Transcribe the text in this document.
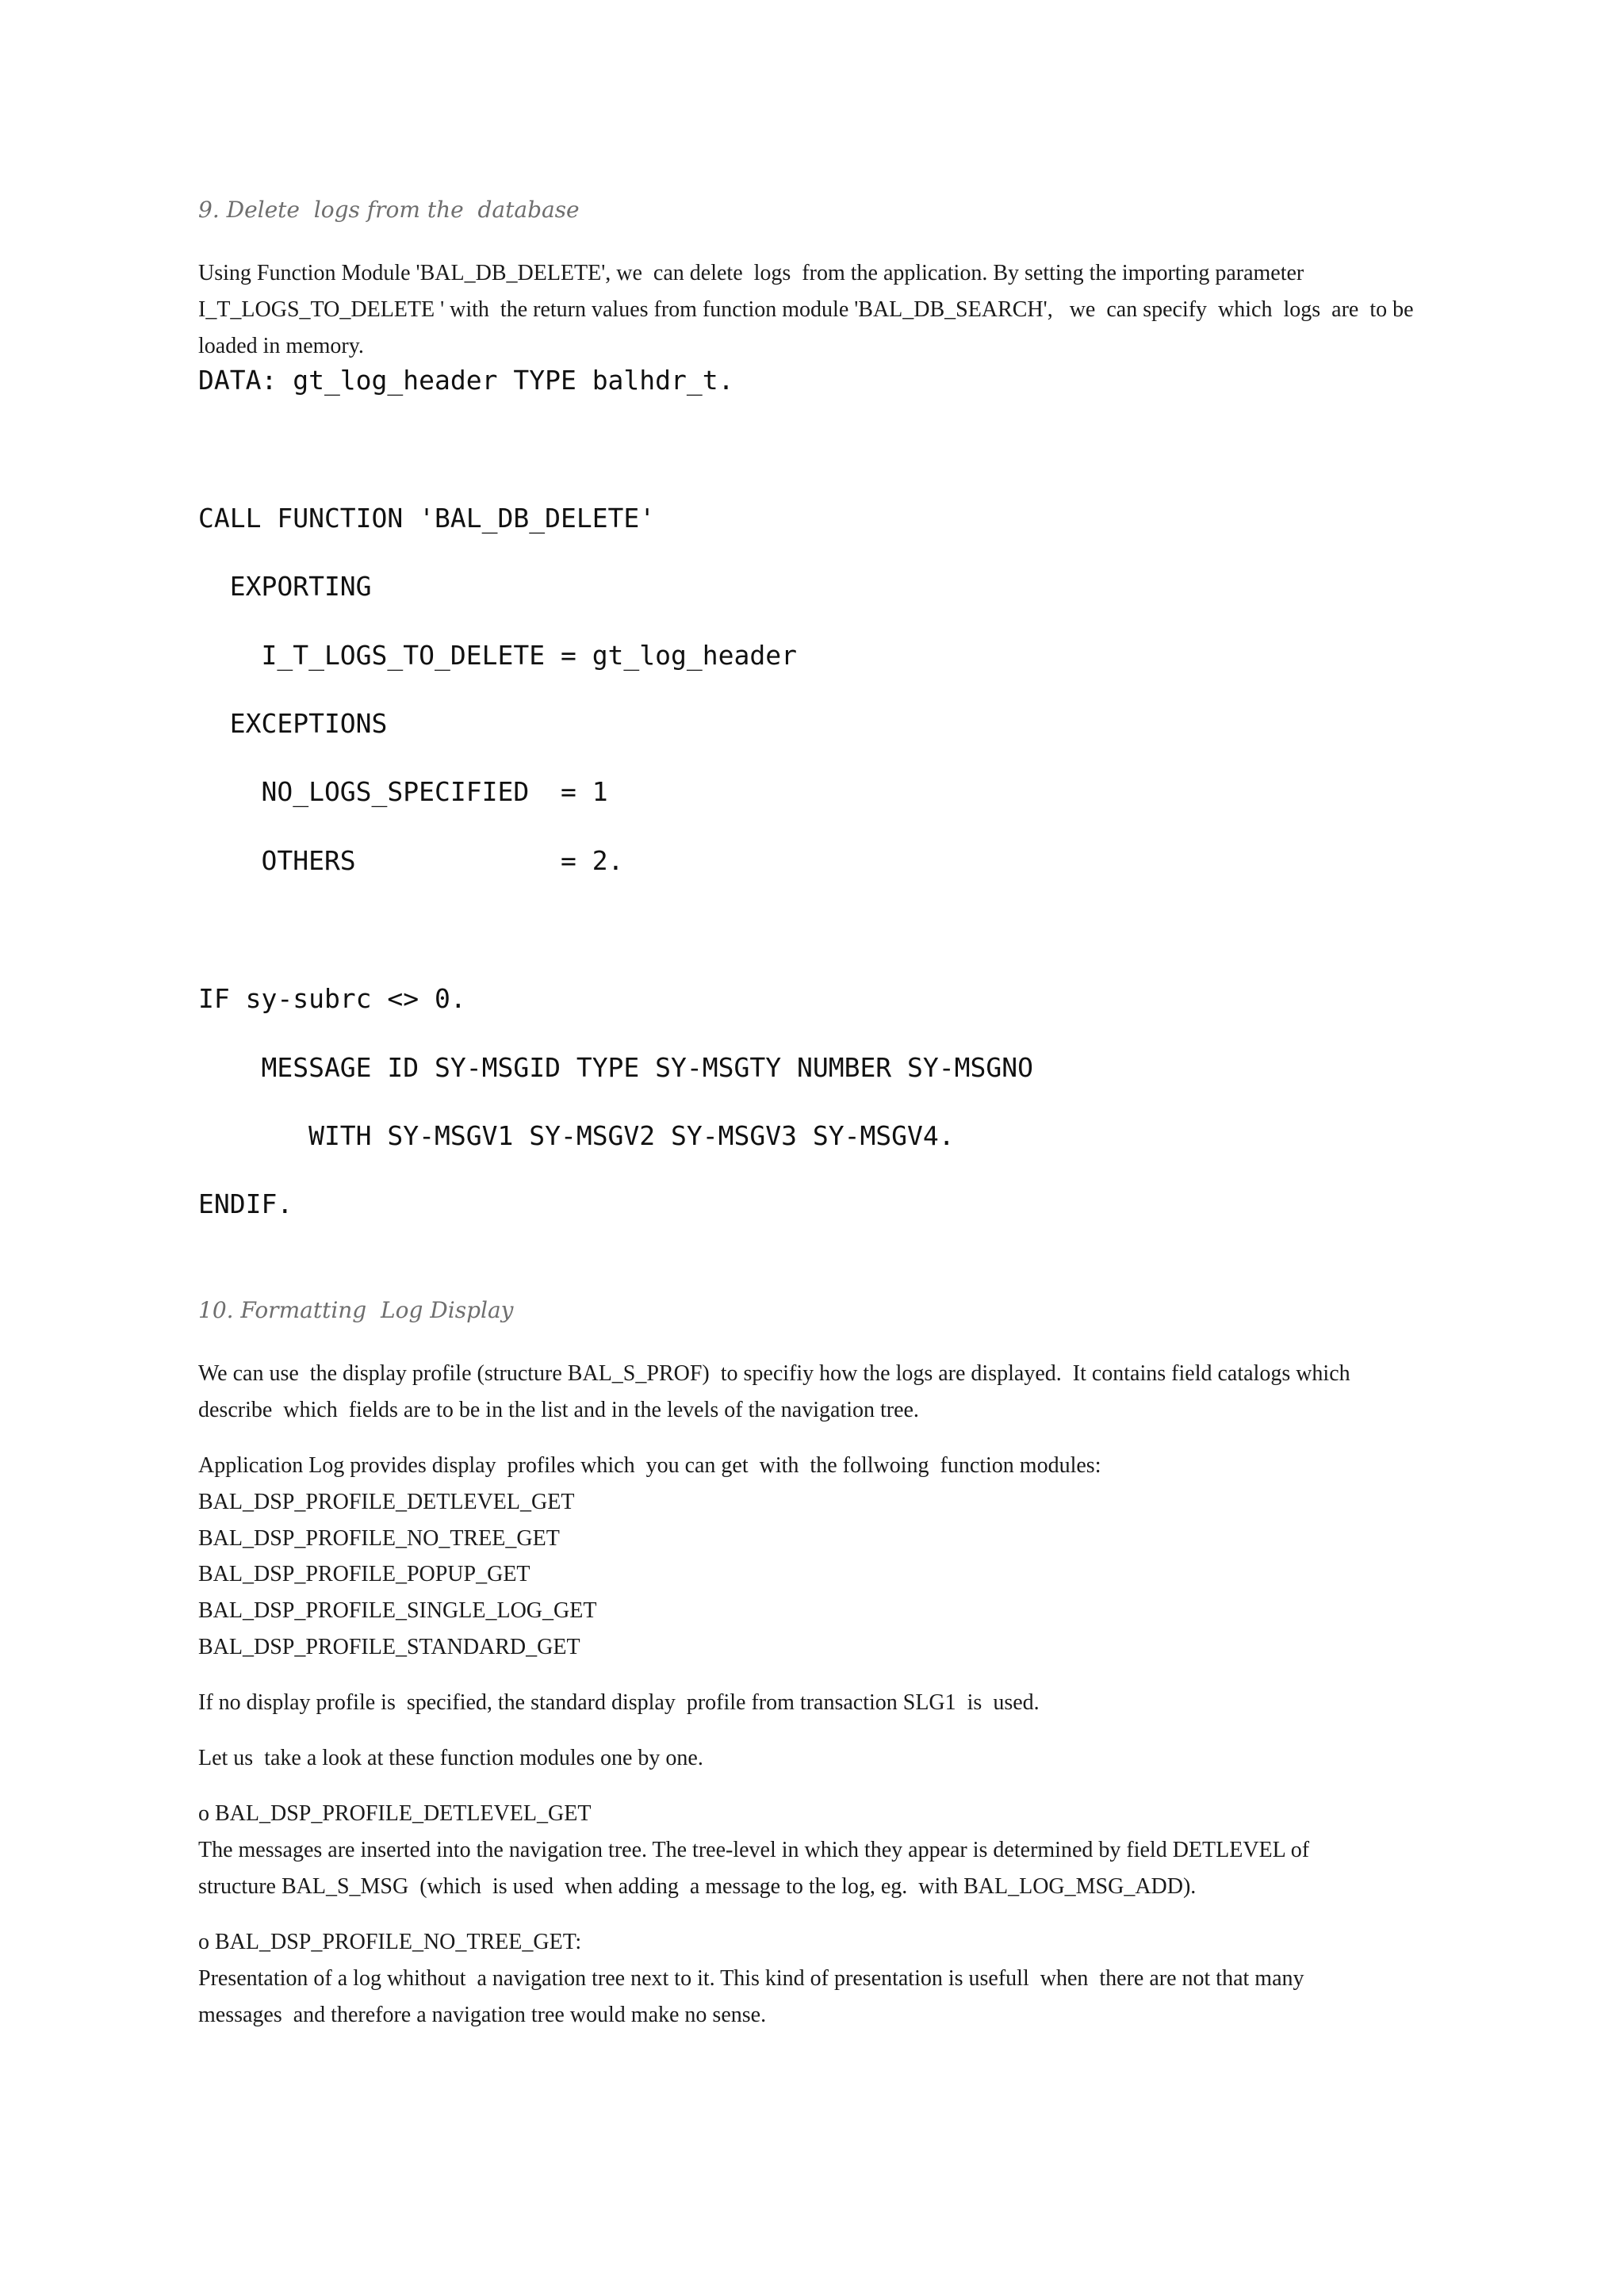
9. Delete  logs from the  database
Using Function Module 'BAL_DB_DELETE', we  can delete  logs  from the application. By setting the importing parameter
I_T_LOGS_TO_DELETE ' with  the return values from function module 'BAL_DB_SEARCH',   we  can specify  which  logs  are  to be
loaded in memory.
DATA: gt_log_header TYPE balhdr_t.
CALL FUNCTION 'BAL_DB_DELETE'
EXPORTING
I_T_LOGS_TO_DELETE = gt_log_header
EXCEPTIONS
NO_LOGS_SPECIFIED  = 1
OTHERS             = 2.
IF sy-subrc <> 0.
MESSAGE ID SY-MSGID TYPE SY-MSGTY NUMBER SY-MSGNO
WITH SY-MSGV1 SY-MSGV2 SY-MSGV3 SY-MSGV4.
ENDIF.
10. Formatting  Log Display
We can use  the display profile (structure BAL_S_PROF)  to specifiy how the logs are displayed.  It contains field catalogs which
describe  which  fields are to be in the list and in the levels of the navigation tree.
Application Log provides display  profiles which  you can get  with  the follwoing  function modules:
BAL_DSP_PROFILE_DETLEVEL_GET
BAL_DSP_PROFILE_NO_TREE_GET
BAL_DSP_PROFILE_POPUP_GET
BAL_DSP_PROFILE_SINGLE_LOG_GET
BAL_DSP_PROFILE_STANDARD_GET
If no display profile is  specified, the standard display  profile from transaction SLG1  is  used.
Let us  take a look at these function modules one by one.
o BAL_DSP_PROFILE_DETLEVEL_GET
The messages are inserted into the navigation tree. The tree-level in which they appear is determined by field DETLEVEL of
structure BAL_S_MSG  (which  is used  when adding  a message to the log, eg.  with BAL_LOG_MSG_ADD).
o BAL_DSP_PROFILE_NO_TREE_GET:
Presentation of a log whithout  a navigation tree next to it. This kind of presentation is usefull  when  there are not that many
messages  and therefore a navigation tree would make no sense.
